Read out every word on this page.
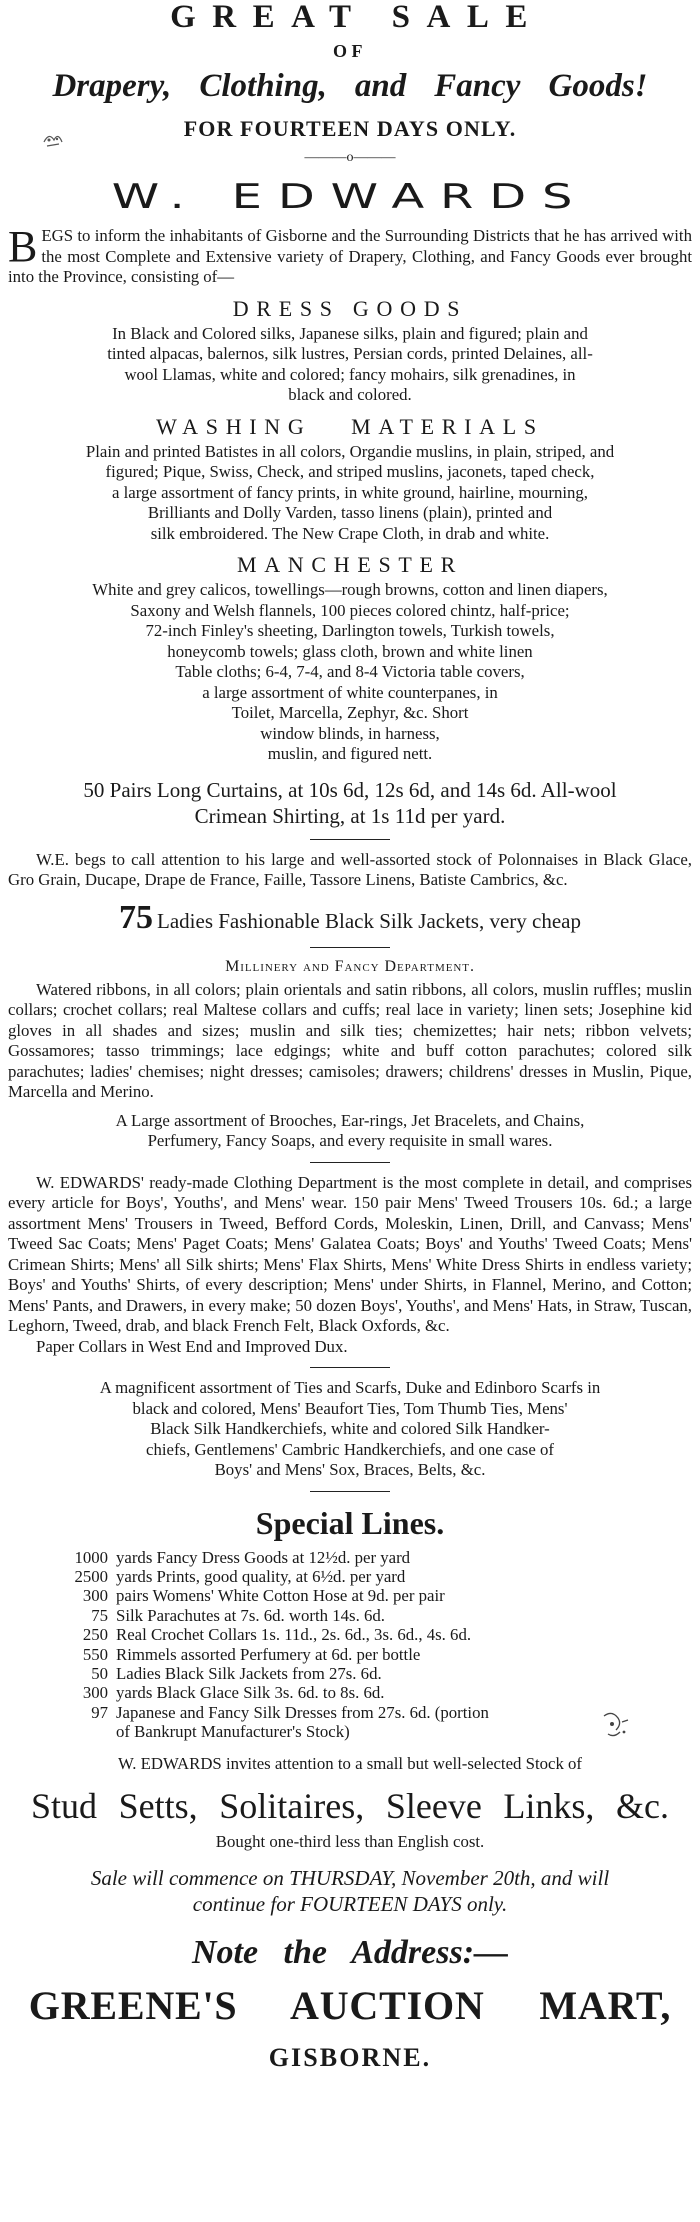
GREAT SALE
OF
Drapery, Clothing, and Fancy Goods!
FOR FOURTEEN DAYS ONLY.
———o———
W. EDWARDS
BEGS to inform the inhabitants of Gisborne and the Surrounding Districts that he has arrived with the most Complete and Extensive variety of Drapery, Clothing, and Fancy Goods ever brought into the Province, consisting of—
DRESS GOODS
In Black and Colored silks, Japanese silks, plain and figured; plain and
tinted alpacas, balernos, silk lustres, Persian cords, printed Delaines, all-
wool Llamas, white and colored; fancy mohairs, silk grenadines, in
black and colored.
WASHING MATERIALS
Plain and printed Batistes in all colors, Organdie muslins, in plain, striped, and
figured; Pique, Swiss, Check, and striped muslins, jaconets, taped check,
a large assortment of fancy prints, in white ground, hairline, mourning,
Brilliants and Dolly Varden, tasso linens (plain), printed and
silk embroidered. The New Crape Cloth, in drab and white.
MANCHESTER
White and grey calicos, towellings—rough browns, cotton and linen diapers,
Saxony and Welsh flannels, 100 pieces colored chintz, half-price;
72-inch Finley's sheeting, Darlington towels, Turkish towels,
honeycomb towels; glass cloth, brown and white linen
Table cloths; 6-4, 7-4, and 8-4 Victoria table covers,
a large assortment of white counterpanes, in
Toilet, Marcella, Zephyr, &c. Short
window blinds, in harness,
muslin, and figured nett.
50 Pairs Long Curtains, at 10s 6d, 12s 6d, and 14s 6d. All-wool
Crimean Shirting, at 1s 11d per yard.
W.E. begs to call attention to his large and well-assorted stock of Polonnaises in Black Glace, Gro Grain, Ducape, Drape de France, Faille, Tassore Linens, Batiste Cambrics, &c.
75 Ladies Fashionable Black Silk Jackets, very cheap
Millinery and Fancy Department.
Watered ribbons, in all colors; plain orientals and satin ribbons, all colors, muslin ruffles; muslin collars; crochet collars; real Maltese collars and cuffs; real lace in variety; linen sets; Josephine kid gloves in all shades and sizes; muslin and silk ties; chemizettes; hair nets; ribbon velvets; Gossamores; tasso trimmings; lace edgings; white and buff cotton parachutes; colored silk parachutes; ladies' chemises; night dresses; camisoles; drawers; childrens' dresses in Muslin, Pique, Marcella and Merino.
A Large assortment of Brooches, Ear-rings, Jet Bracelets, and Chains,
Perfumery, Fancy Soaps, and every requisite in small wares.
W. EDWARDS' ready-made Clothing Department is the most complete in detail, and comprises every article for Boys', Youths', and Mens' wear. 150 pair Mens' Tweed Trousers 10s. 6d.; a large assortment Mens' Trousers in Tweed, Befford Cords, Moleskin, Linen, Drill, and Canvass; Mens' Tweed Sac Coats; Mens' Paget Coats; Mens' Galatea Coats; Boys' and Youths' Tweed Coats; Mens' Crimean Shirts; Mens' all Silk shirts; Mens' Flax Shirts, Mens' White Dress Shirts in endless variety; Boys' and Youths' Shirts, of every description; Mens' under Shirts, in Flannel, Merino, and Cotton; Mens' Pants, and Drawers, in every make; 50 dozen Boys', Youths', and Mens' Hats, in Straw, Tuscan, Leghorn, Tweed, drab, and black French Felt, Black Oxfords, &c.
Paper Collars in West End and Improved Dux.
A magnificent assortment of Ties and Scarfs, Duke and Edinboro Scarfs in
black and colored, Mens' Beaufort Ties, Tom Thumb Ties, Mens'
Black Silk Handkerchiefs, white and colored Silk Handker-
chiefs, Gentlemens' Cambric Handkerchiefs, and one case of
Boys' and Mens' Sox, Braces, Belts, &c.
Special Lines.
1000 yards Fancy Dress Goods at 12½d. per yard
2500 yards Prints, good quality, at 6½d. per yard
300 pairs Womens' White Cotton Hose at 9d. per pair
75 Silk Parachutes at 7s. 6d. worth 14s. 6d.
250 Real Crochet Collars 1s. 11d., 2s. 6d., 3s. 6d., 4s. 6d.
550 Rimmels assorted Perfumery at 6d. per bottle
50 Ladies Black Silk Jackets from 27s. 6d.
300 yards Black Glace Silk 3s. 6d. to 8s. 6d.
97 Japanese and Fancy Silk Dresses from 27s. 6d. (portion
of Bankrupt Manufacturer's Stock)
W. EDWARDS invites attention to a small but well-selected Stock of
Stud Setts, Solitaires, Sleeve Links, &c.
Bought one-third less than English cost.
Sale will commence on THURSDAY, November 20th, and will
continue for FOURTEEN DAYS only.
Note the Address:—
GREENE'S AUCTION MART,
GISBORNE.
